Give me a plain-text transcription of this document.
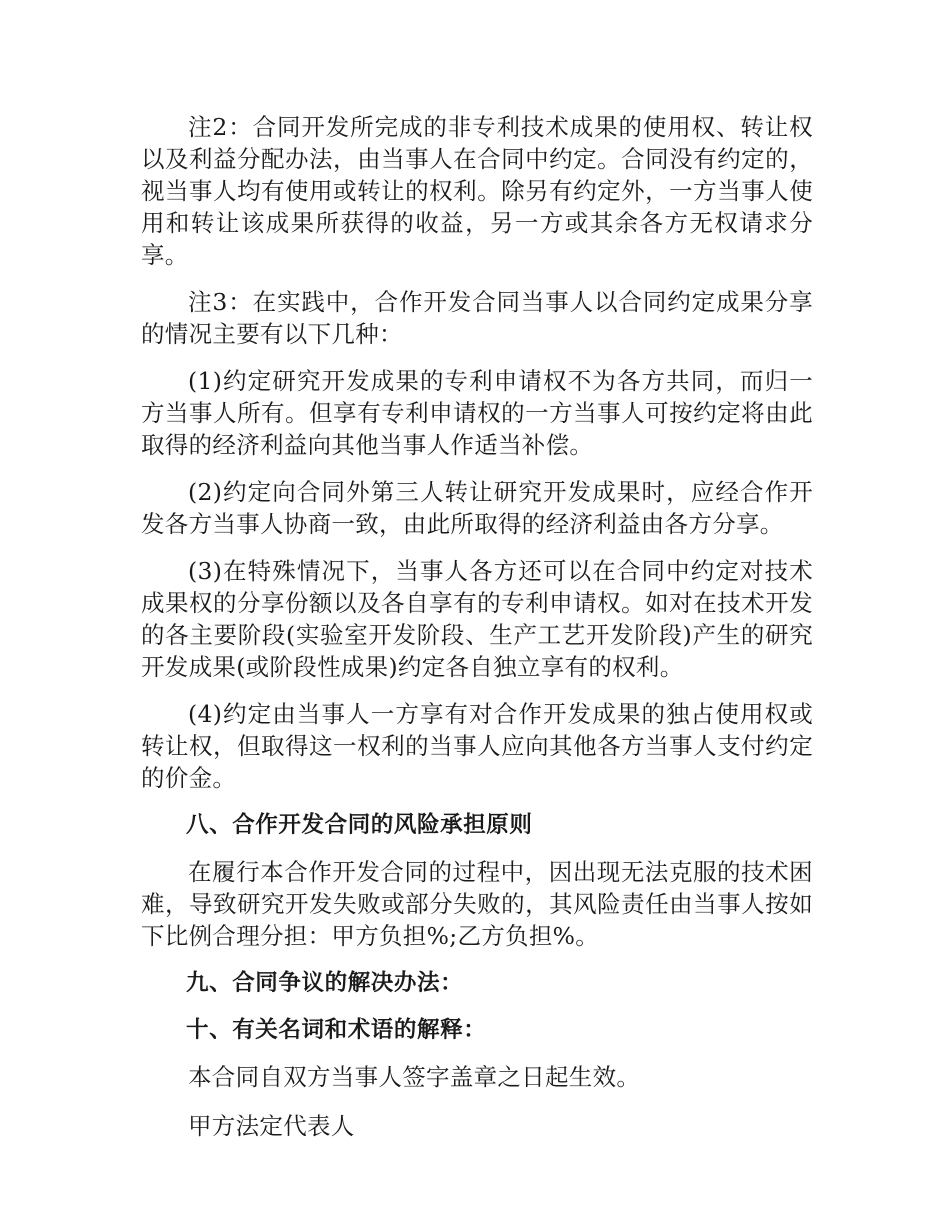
注2：合同开发所完成的非专利技术成果的使用权、转让权以及利益分配办法，由当事人在合同中约定。合同没有约定的，视当事人均有使用或转让的权利。除另有约定外，一方当事人使用和转让该成果所获得的收益，另一方或其余各方无权请求分享。

注3：在实践中，合作开发合同当事人以合同约定成果分享的情况主要有以下几种：

(1)约定研究开发成果的专利申请权不为各方共同，而归一方当事人所有。但享有专利申请权的一方当事人可按约定将由此取得的经济利益向其他当事人作适当补偿。

(2)约定向合同外第三人转让研究开发成果时，应经合作开发各方当事人协商一致，由此所取得的经济利益由各方分享。

(3)在特殊情况下，当事人各方还可以在合同中约定对技术成果权的分享份额以及各自享有的专利申请权。如对在技术开发的各主要阶段(实验室开发阶段、生产工艺开发阶段)产生的研究开发成果(或阶段性成果)约定各自独立享有的权利。

(4)约定由当事人一方享有对合作开发成果的独占使用权或转让权，但取得这一权利的当事人应向其他各方当事人支付约定的价金。

八、合作开发合同的风险承担原则

在履行本合作开发合同的过程中，因出现无法克服的技术困难，导致研究开发失败或部分失败的，其风险责任由当事人按如下比例合理分担：甲方负担%;乙方负担%。

九、合同争议的解决办法：

十、有关名词和术语的解释：

本合同自双方当事人签字盖章之日起生效。

甲方法定代表人
